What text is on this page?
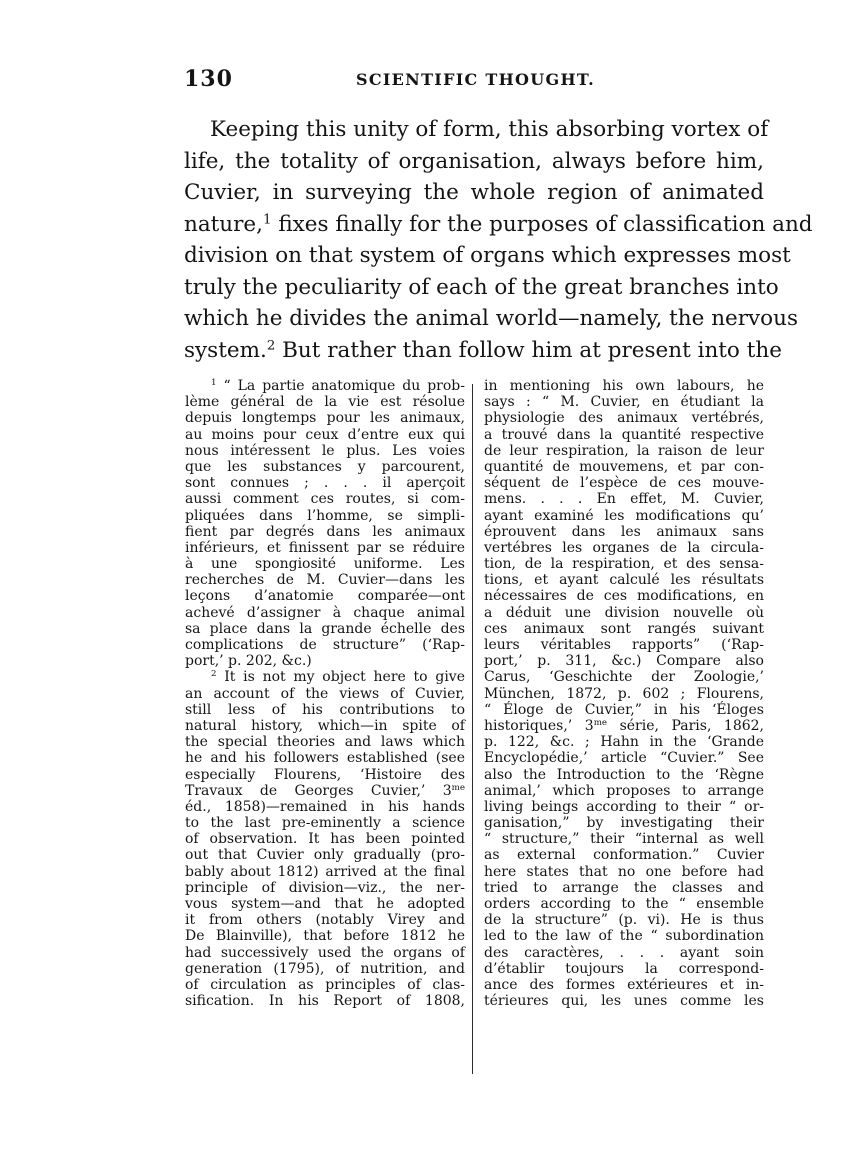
130	SCIENTIFIC THOUGHT.
Keeping this unity of form, this absorbing vortex of
life, the totality of organisation, always before him,
Cuvier, in surveying the whole region of animated
nature,$^1$ fixes finally for the purposes of classification and
division on that system of organs which expresses most
truly the peculiarity of each of the great branches into
which he divides the animal world—namely, the nervous
system.$^2$ But rather than follow him at present into the
$^1$ “ La partie anatomique du prob-
lème général de la vie est résolue
depuis longtemps pour les animaux,
au moins pour ceux d’entre eux qui
nous intéressent le plus. Les voies
que les substances y parcourent,
sont connues ; . . . il aperçoit
aussi comment ces routes, si com-
pliquées dans l’homme, se simpli-
fient par degrés dans les animaux
inférieurs, et finissent par se réduire
à une spongiosité uniforme. Les
recherches de M. Cuvier—dans les
leçons d’anatomie comparée—ont
achevé d’assigner à chaque animal
sa place dans la grande échelle des
complications de structure” (‘Rap-
port,’ p. 202, &c.)
$^2$ It is not my object here to give
an account of the views of Cuvier,
still less of his contributions to
natural history, which—in spite of
the special theories and laws which
he and his followers established (see
especially Flourens, ‘Histoire des
Travaux de Georges Cuvier,’ $3^{me}$
éd., 1858)—remained in his hands
to the last pre-eminently a science
of observation. It has been pointed
out that Cuvier only gradually (pro-
bably about 1812) arrived at the final
principle of division—viz., the ner-
vous system—and that he adopted
it from others (notably Virey and
De Blainville), that before 1812 he
had successively used the organs of
generation (1795), of nutrition, and
of circulation as principles of clas-
sification. In his Report of 1808,
in mentioning his own labours, he
says : “ M. Cuvier, en étudiant la
physiologie des animaux vertébrés,
a trouvé dans la quantité respective
de leur respiration, la raison de leur
quantité de mouvemens, et par con-
séquent de l’espèce de ces mouve-
mens. . . . En effet, M. Cuvier,
ayant examiné les modifications qu’
éprouvent dans les animaux sans
vertébres les organes de la circula-
tion, de la respiration, et des sensa-
tions, et ayant calculé les résultats
nécessaires de ces modifications, en
a déduit une division nouvelle où
ces animaux sont rangés suivant
leurs véritables rapports” (‘Rap-
port,’ p. 311, &c.) Compare also
Carus, ‘Geschichte der Zoologie,’
München, 1872, p. 602 ; Flourens,
“ Éloge de Cuvier,” in his ‘Éloges
historiques,’ $3^{me}$ série, Paris, 1862,
p. 122, &c. ; Hahn in the ‘Grande
Encyclopédie,’ article “Cuvier.” See
also the Introduction to the ‘Règne
animal,’ which proposes to arrange
living beings according to their “ or-
ganisation,” by investigating their
“ structure,” their “internal as well
as external conformation.” Cuvier
here states that no one before had
tried to arrange the classes and
orders according to the “ ensemble
de la structure” (p. vi). He is thus
led to the law of the “ subordination
des caractères, . . . ayant soin
d’établir toujours la correspond-
ance des formes extérieures et in-
térieures qui, les unes comme les
